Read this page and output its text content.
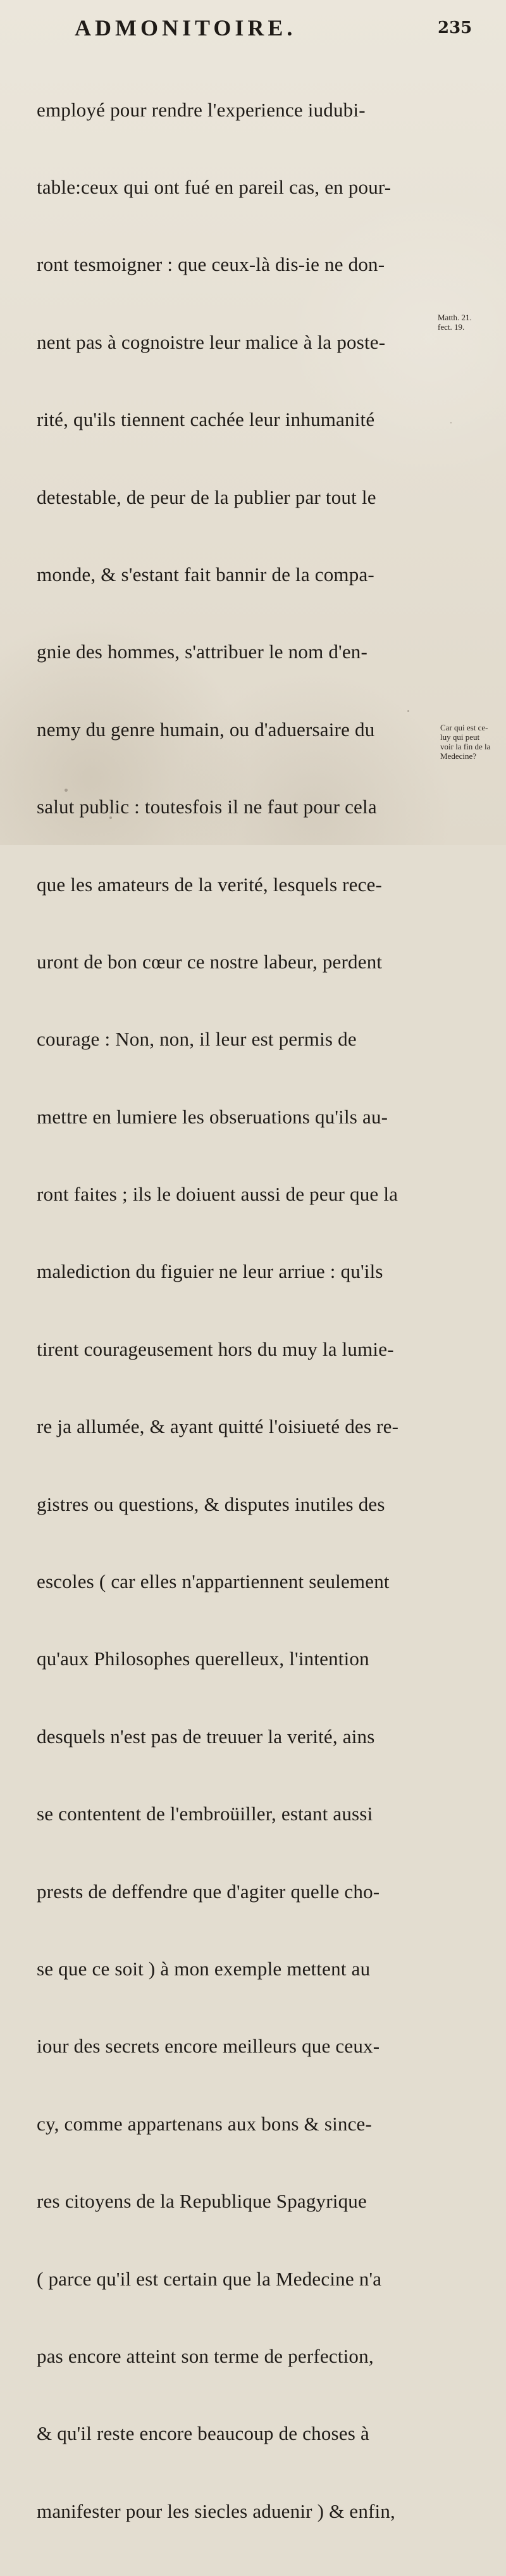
ADMONITOIRE.	235

employé pour rendre l'experience iudubi-

table:ceux qui ont fué en pareil cas, en pour-

ront tesmoigner : que ceux-là dis-ie ne don-

nent pas à cognoistre leur malice à la poste-

rité, qu'ils tiennent cachée leur inhumanité

detestable, de peur de la publier par tout le

monde, & s'estant fait bannir de la compa-

gnie des hommes, s'attribuer le nom d'en-

nemy du genre humain, ou d'aduersaire du

salut public : toutesfois il ne faut pour cela

que les amateurs de la verité, lesquels rece-

uront de bon cœur ce nostre labeur, perdent

courage : Non, non, il leur est permis de

mettre en lumiere les obseruations qu'ils au-

ront faites ; ils le doiuent aussi de peur que la

malediction du figuier ne leur arriue : qu'ils

tirent courageusement hors du muy la lumie-

re ja allumée, & ayant quitté l'oisiueté des re-

gistres ou questions, & disputes inutiles des

escoles ( car elles n'appartiennent seulement

qu'aux Philosophes querelleux, l'intention

desquels n'est pas de treuuer la verité, ains

se contentent de l'embroüiller, estant aussi

prests de deffendre que d'agiter quelle cho-

se que ce soit ) à mon exemple mettent au

iour des secrets encore meilleurs que ceux-

cy, comme appartenans aux bons & since-

res citoyens de la Republique Spagyrique

( parce qu'il est certain que la Medecine n'a

pas encore atteint son terme de perfection,

& qu'il reste encore beaucoup de choses à

manifester pour les siecles aduenir ) & enfin,

Matth. 21.
fect. 19.
Car qui est ce-
luy qui peut
voir la fin de la
Medecine?
